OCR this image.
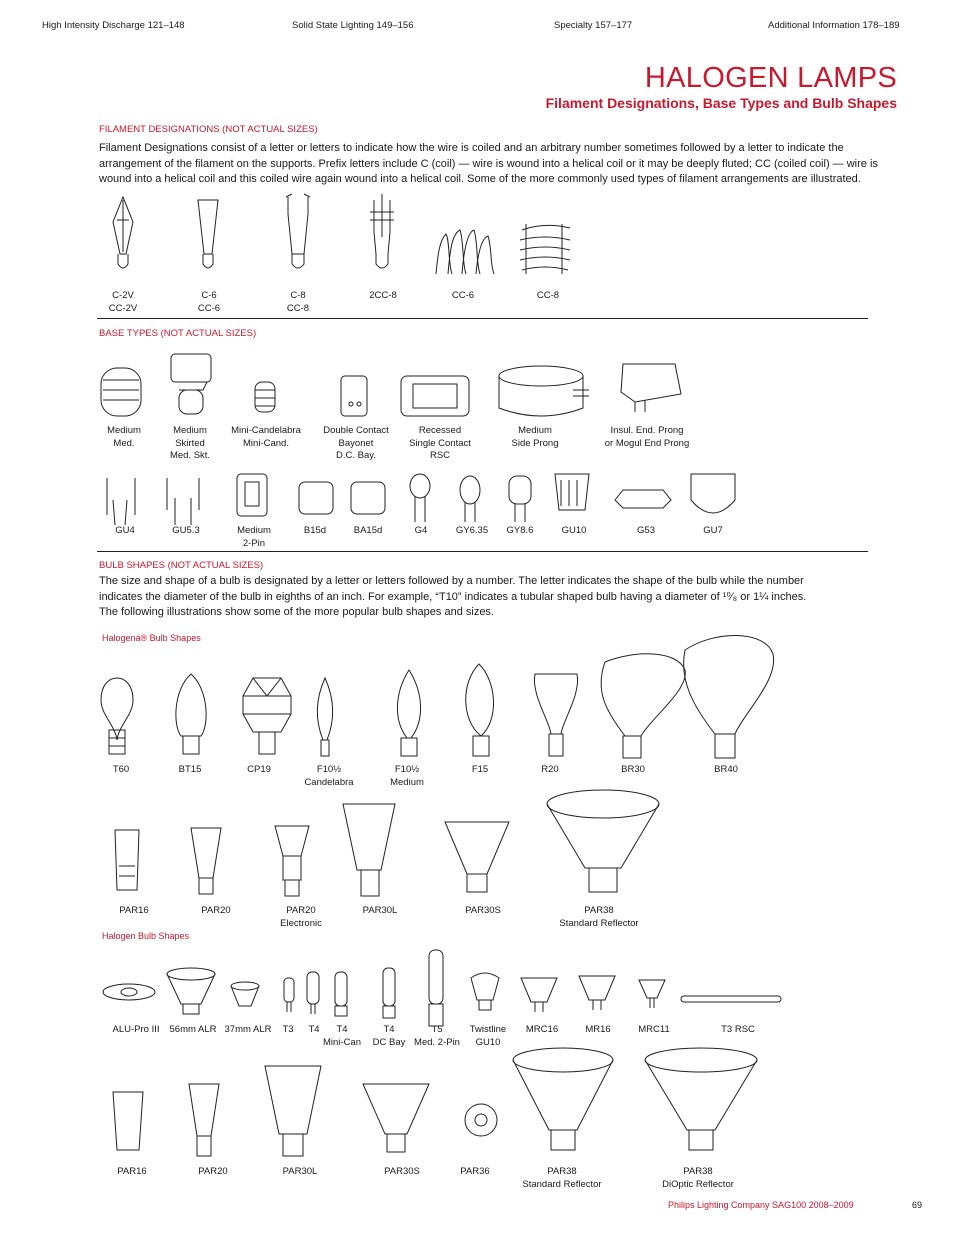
High Intensity Discharge 121–148	Solid State Lighting 149–156	Specialty 157–177	Additional Information 178–189
HALOGEN LAMPS
Filament Designations, Base Types and Bulb Shapes
FILAMENT DESIGNATIONS (NOT ACTUAL SIZES)
Filament Designations consist of a letter or letters to indicate how the wire is coiled and an arbitrary number sometimes followed by a letter to indicate the
arrangement of the filament on the supports. Prefix letters include C (coil) — wire is wound into a helical coil or it may be deeply fluted; CC (coiled coil) — wire is
wound into a helical coil and this coiled wire again wound into a helical coil. Some of the more commonly used types of filament arrangements are illustrated.
C-2V
CC-2V
C-6
CC-6
C-8
CC-8
2CC-8	CC-6	CC-8
BASE TYPES (NOT ACTUAL SIZES)
Medium
Med.
Medium
Skirted
Med. Skt.
Mini-Candelabra
Mini-Cand.
Double Contact
Bayonet
D.C. Bay.
Recessed
Single Contact
RSC
Medium
Side Prong
Insul. End. Prong
or Mogul End Prong
GU4	GU5.3	Medium
2-Pin
B15d	BA15d	G4	GY6.35 GY8.6	GU10	G53	GU7
BULB SHAPES (NOT ACTUAL SIZES)
The size and shape of a bulb is designated by a letter or letters followed by a number. The letter indicates the shape of the bulb while the number
indicates the diameter of the bulb in eighths of an inch. For example, “T10” indicates a tubular shaped bulb having a diameter of ¹⁰⁄₈ or 1¼ inches.
The following illustrations show some of the more popular bulb shapes and sizes.
Halogená® Bulb Shapes
T60	BT15	CP19	F10½
Candelabra
F10½
Medium
F15	R20	BR30	BR40
PAR16	PAR20	PAR20
Electronic
PAR30L	PAR30S	PAR38
Standard Reflector
Halogen Bulb Shapes
ALU-Pro III 56mm ALR 37mm ALR T3 T4	T4
Mini-Can
T4
DC Bay
T5
Med. 2-Pin
Twistline
GU10
MRC16	MR16	MRC11	T3 RSC
PAR16	PAR20	PAR30L	PAR30S	PAR36	PAR38
Standard Reflector
PAR38
DiOptic Reflector
Philips Lighting Company SAG100 2008–2009	69
